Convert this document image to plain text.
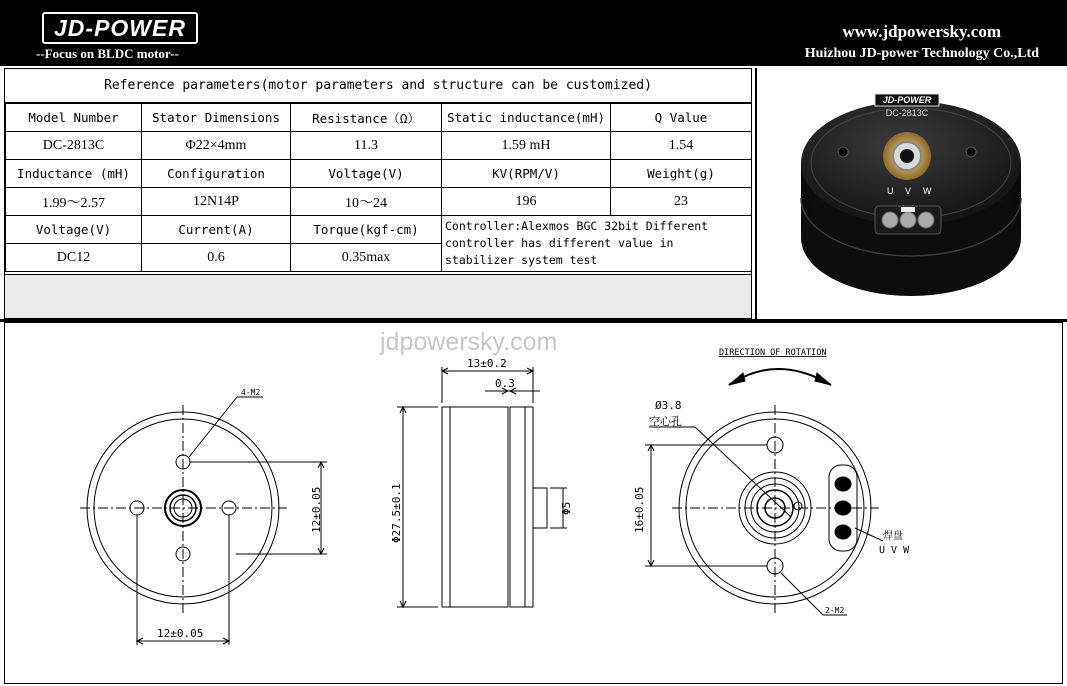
JD-POWER
--Focus on BLDC motor--
www.jdpowersky.com
Huizhou JD-power Technology Co.,Ltd
Reference parameters(motor parameters and structure can be customized)
Model Number	Stator Dimensions	Resistance（Ω）	Static inductance(mH)	Q Value
DC-2813C	Φ22×4mm	11.3	1.59 mH	1.54
Inductance (mH)	Configuration	Voltage(V)	KV(RPM/V)	Weight(g)
1.99～2.57	12N14P	10～24	196	23
Voltage(V)	Current(A)	Torque(kgf-cm)	Controller:Alexmos BGC 32bit Different controller has different value in stabilizer system test	
DC12	0.6	0.35max		
JD-POWER
DC-2813C
U V W
4-M2
12±0.05
12±0.05
13±0.2
0.3
Φ27.5±0.1	Φ5
DIRECTION OF ROTATION
Ø3.8
空心孔
16±0.05
焊盘
U V W
2-M2
jdpowersky.com
